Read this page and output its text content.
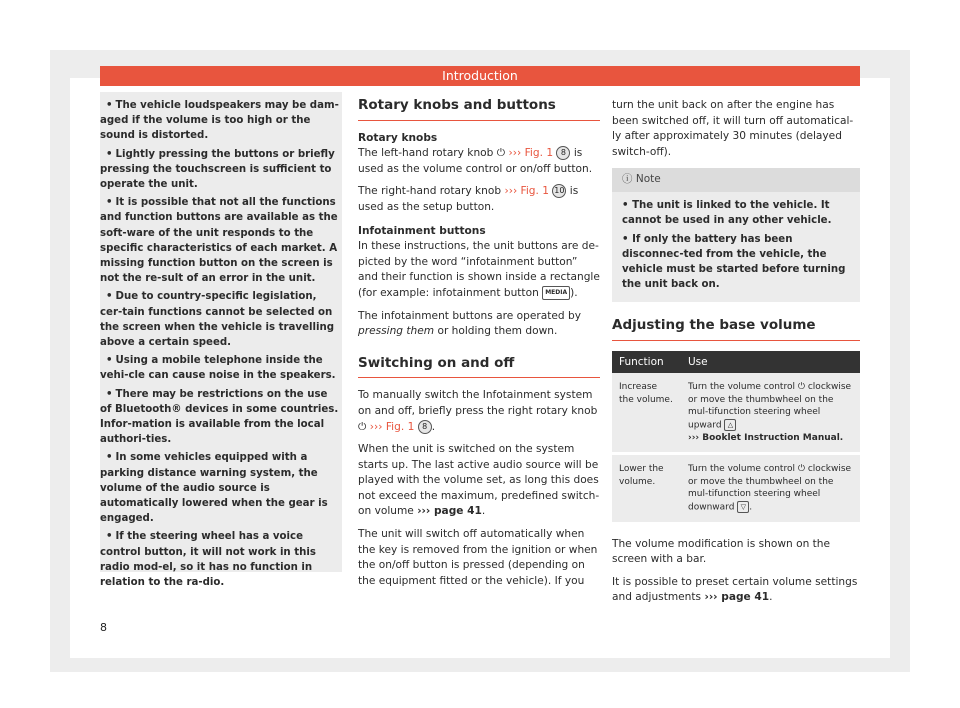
Introduction
• The vehicle loudspeakers may be dam-aged if the volume is too high or the sound is distorted.
• Lightly pressing the buttons or briefly pressing the touchscreen is sufficient to operate the unit.
• It is possible that not all the functions and function buttons are available as the soft-ware of the unit responds to the specific characteristics of each market. A missing function button on the screen is not the re-sult of an error in the unit.
• Due to country-specific legislation, cer-tain functions cannot be selected on the screen when the vehicle is travelling above a certain speed.
• Using a mobile telephone inside the vehi-cle can cause noise in the speakers.
• There may be restrictions on the use of Bluetooth® devices in some countries. Infor-mation is available from the local authori-ties.
• In some vehicles equipped with a parking distance warning system, the volume of the audio source is automatically lowered when the gear is engaged.
• If the steering wheel has a voice control button, it will not work in this radio mod-el, so it has no function in relation to the ra-dio.
Rotary knobs and buttons
Rotary knobs

The left-hand rotary knob ⏻ ››› Fig. 1 8 is used as the volume control or on/off button.

The right-hand rotary knob ››› Fig. 1 10 is used as the setup button.

Infotainment buttons

In these instructions, the unit buttons are de-picted by the word “infotainment button” and their function is shown inside a rectangle (for example: infotainment button MEDIA ).

The infotainment buttons are operated by pressing them or holding them down.

Switching on and off

To manually switch the Infotainment system on and off, briefly press the right rotary knob ⏻ ››› Fig. 1 8 .

When the unit is switched on the system starts up. The last active audio source will be played with the volume set, as long this does not exceed the maximum, predefined switch-on volume ››› page 41.

The unit will switch off automatically when the key is removed from the ignition or when the on/off button is pressed (depending on the equipment fitted or the vehicle). If you

turn the unit back on after the engine has been switched off, it will turn off automatical-ly after approximately 30 minutes (delayed switch-off).

ⓘ Note
• The unit is linked to the vehicle. It cannot be used in any other vehicle.
• If only the battery has been disconnec-ted from the vehicle, the vehicle must be started before turning the unit back on.
Adjusting the base volume
Function	Use
Increase the volume.	Turn the volume control ⏻ clockwise or move the thumbwheel on the mul-tifunction steering wheel upward △
››› Booklet Instruction Manual.
Lower the volume.	Turn the volume control ⏻ clockwise or move the thumbwheel on the mul-tifunction steering wheel downward ▽ .

The volume modification is shown on the screen with a bar.

It is possible to preset certain volume settings and adjustments ››› page 41.

8
